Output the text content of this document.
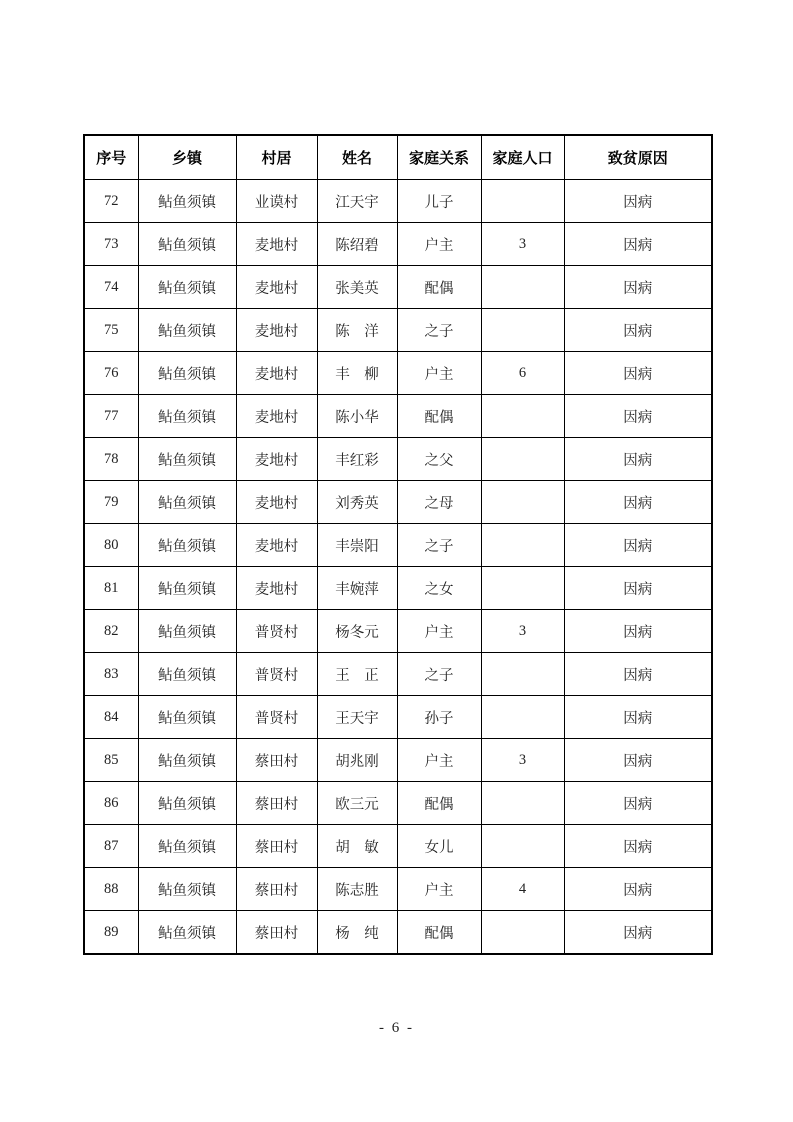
序号	乡镇	村居	姓名	家庭关系	家庭人口	致贫原因
72	鲇鱼须镇	业谟村	江天宇	儿子		因病
73	鲇鱼须镇	麦地村	陈绍碧	户主	3	因病
74	鲇鱼须镇	麦地村	张美英	配偶		因病
75	鲇鱼须镇	麦地村	陈　洋	之子		因病
76	鲇鱼须镇	麦地村	丰　柳	户主	6	因病
77	鲇鱼须镇	麦地村	陈小华	配偶		因病
78	鲇鱼须镇	麦地村	丰红彩	之父		因病
79	鲇鱼须镇	麦地村	刘秀英	之母		因病
80	鲇鱼须镇	麦地村	丰崇阳	之子		因病
81	鲇鱼须镇	麦地村	丰婉萍	之女		因病
82	鲇鱼须镇	普贤村	杨冬元	户主	3	因病
83	鲇鱼须镇	普贤村	王　正	之子		因病
84	鲇鱼须镇	普贤村	王天宇	孙子		因病
85	鲇鱼须镇	蔡田村	胡兆刚	户主	3	因病
86	鲇鱼须镇	蔡田村	欧三元	配偶		因病
87	鲇鱼须镇	蔡田村	胡　敏	女儿		因病
88	鲇鱼须镇	蔡田村	陈志胜	户主	4	因病
89	鲇鱼须镇	蔡田村	杨　纯	配偶		因病
- 6 -
